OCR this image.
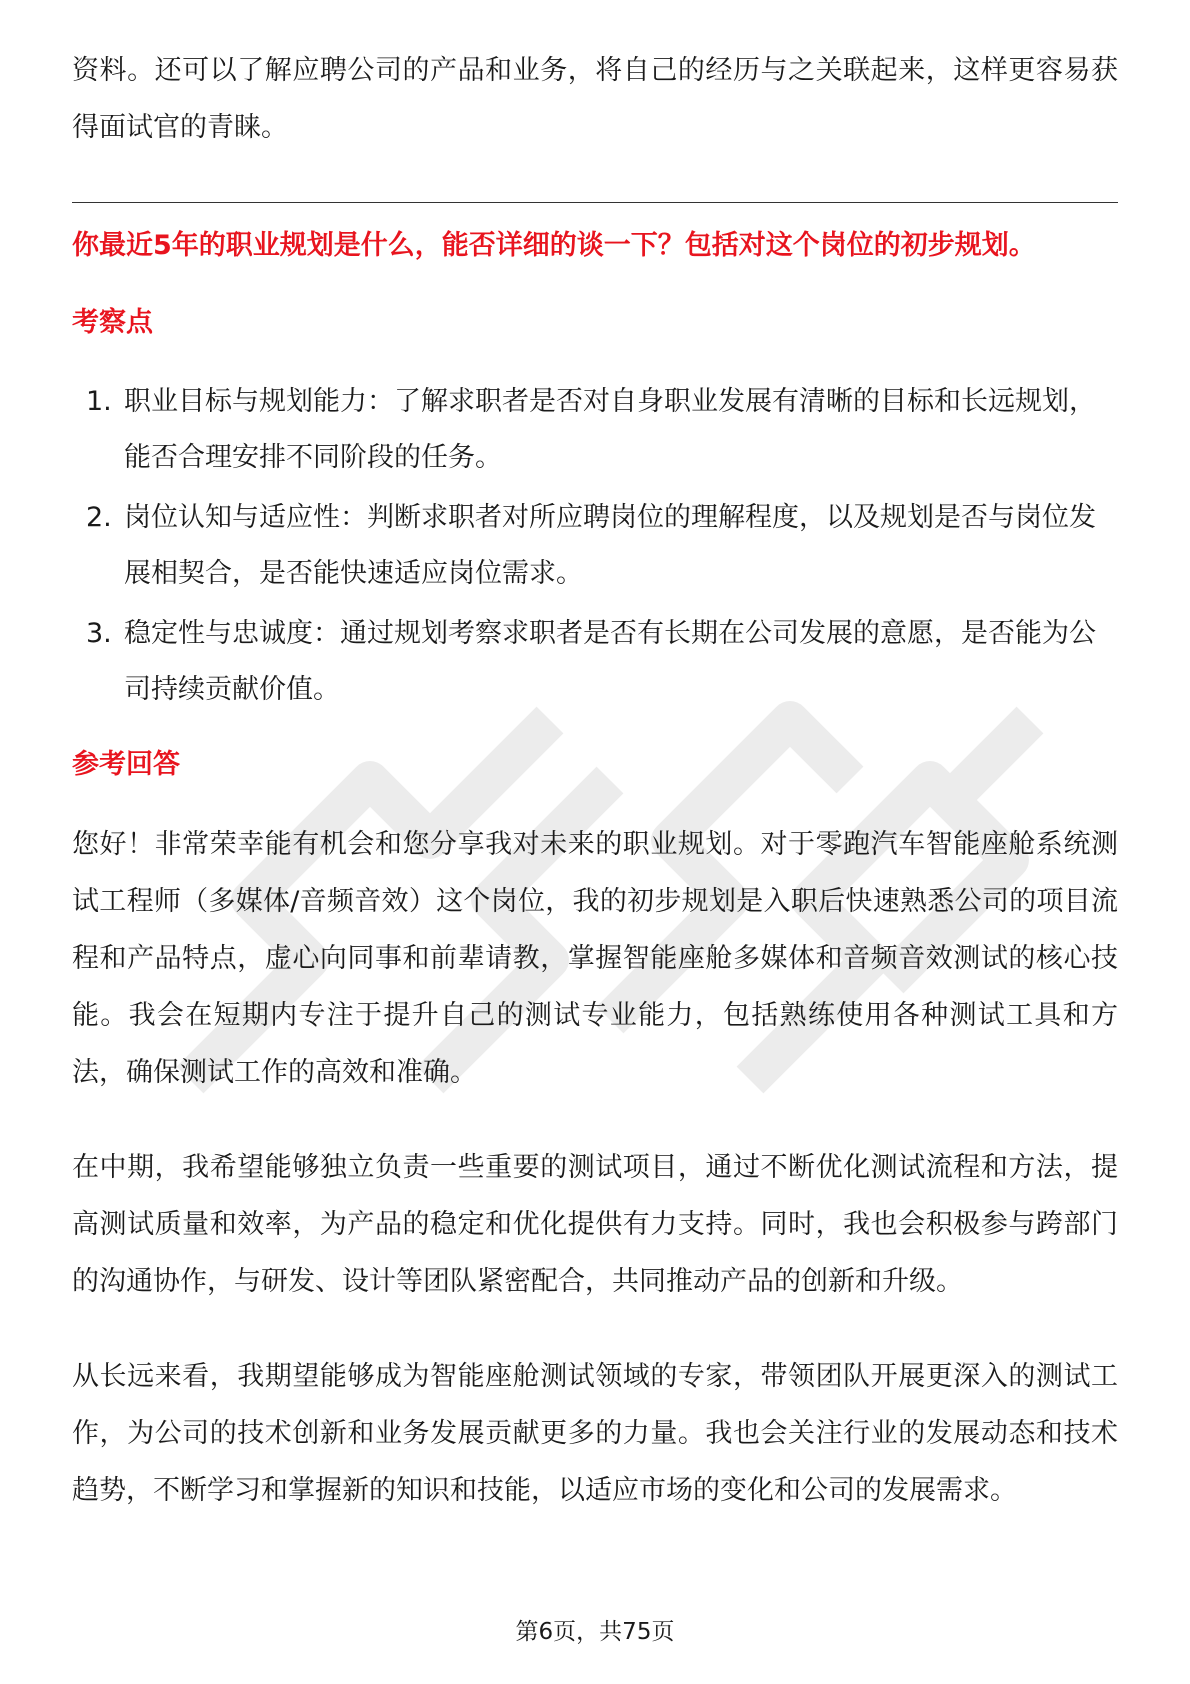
资料。还可以了解应聘公司的产品和业务，将自己的经历与之关联起来，这样更容易获得面试官的青睐。

你最近5年的职业规划是什么，能否详细的谈一下？包括对这个岗位的初步规划。

考察点

1. 职业目标与规划能力：了解求职者是否对自身职业发展有清晰的目标和长远规划，能否合理安排不同阶段的任务。
2. 岗位认知与适应性：判断求职者对所应聘岗位的理解程度，以及规划是否与岗位发展相契合，是否能快速适应岗位需求。
3. 稳定性与忠诚度：通过规划考察求职者是否有长期在公司发展的意愿，是否能为公司持续贡献价值。

参考回答

您好！非常荣幸能有机会和您分享我对未来的职业规划。对于零跑汽车智能座舱系统测试工程师（多媒体/音频音效）这个岗位，我的初步规划是入职后快速熟悉公司的项目流程和产品特点，虚心向同事和前辈请教，掌握智能座舱多媒体和音频音效测试的核心技能。我会在短期内专注于提升自己的测试专业能力，包括熟练使用各种测试工具和方法，确保测试工作的高效和准确。

在中期，我希望能够独立负责一些重要的测试项目，通过不断优化测试流程和方法，提高测试质量和效率，为产品的稳定和优化提供有力支持。同时，我也会积极参与跨部门的沟通协作，与研发、设计等团队紧密配合，共同推动产品的创新和升级。

从长远来看，我期望能够成为智能座舱测试领域的专家，带领团队开展更深入的测试工作，为公司的技术创新和业务发展贡献更多的力量。我也会关注行业的发展动态和技术趋势，不断学习和掌握新的知识和技能，以适应市场的变化和公司的发展需求。

第6页，共75页
